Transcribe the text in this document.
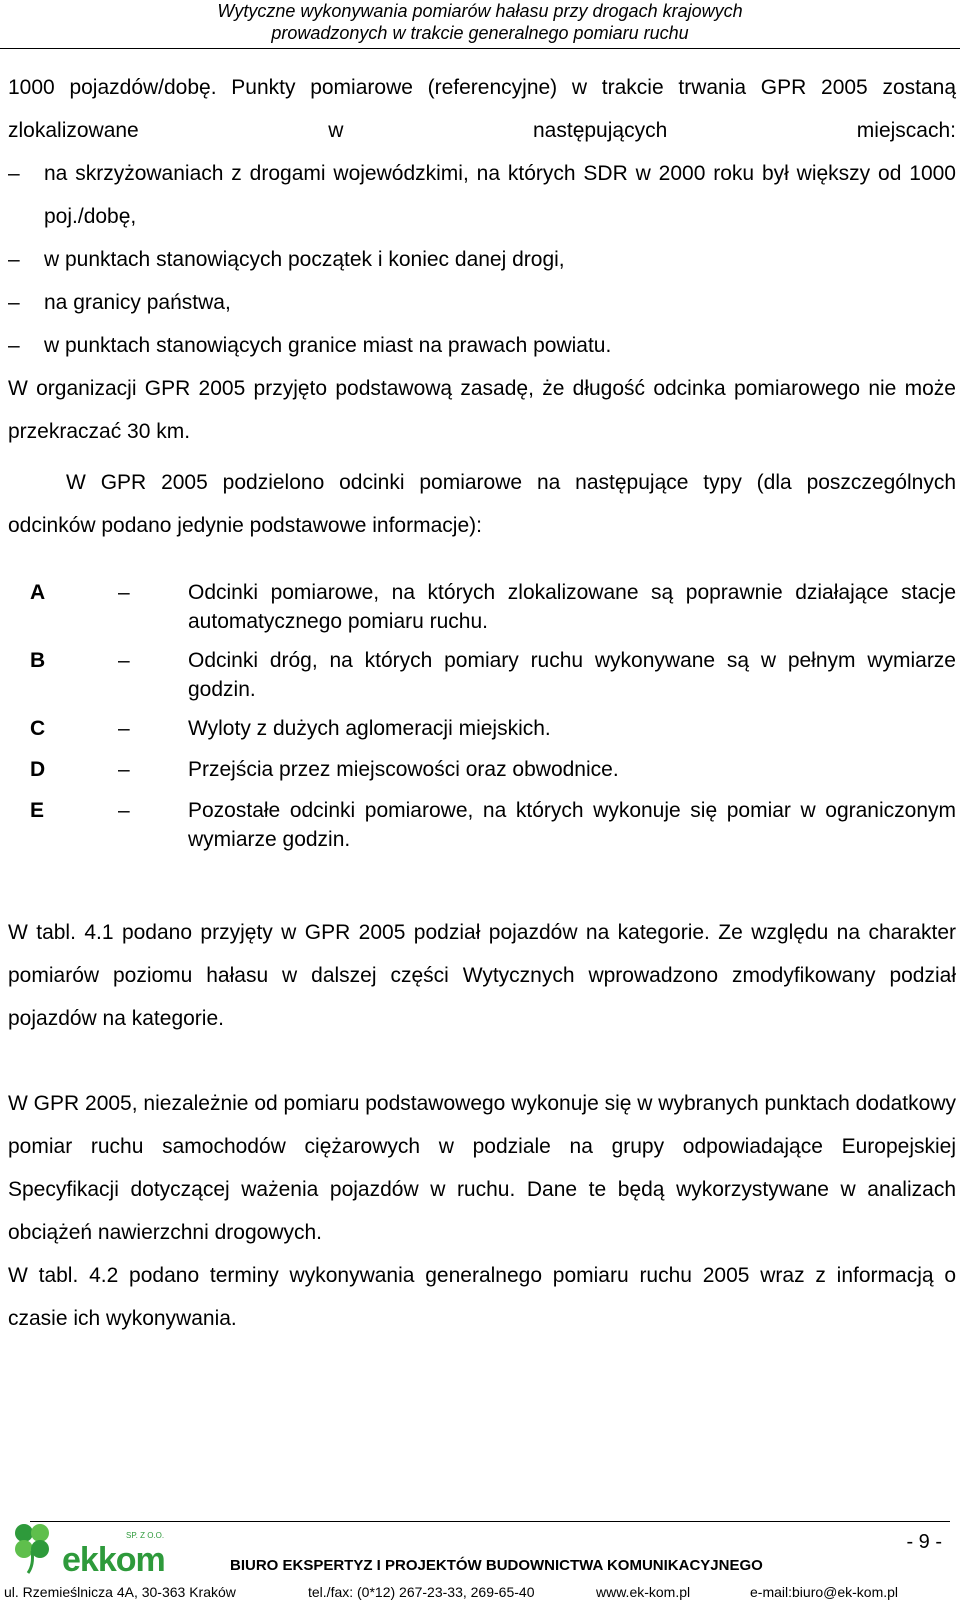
Wytyczne wykonywania pomiarów hałasu przy drogach krajowych
prowadzonych w trakcie generalnego pomiaru ruchu

1000 pojazdów/dobę. Punkty pomiarowe (referencyjne) w trakcie trwania GPR 2005 zostaną zlokalizowane w następujących miejscach:

– na skrzyżowaniach z drogami wojewódzkimi, na których SDR w 2000 roku był większy od 1000 poj./dobę,
– w punktach stanowiących początek i koniec danej drogi,
– na granicy państwa,
– w punktach stanowiących granice miast na prawach powiatu.

W organizacji GPR 2005 przyjęto podstawową zasadę, że długość odcinka pomiarowego nie może przekraczać 30 km.

W GPR 2005 podzielono odcinki pomiarowe na następujące typy (dla poszczególnych odcinków podano jedynie podstawowe informacje):

A	–	Odcinki pomiarowe, na których zlokalizowane są poprawnie działające stacje automatycznego pomiaru ruchu.
B	–	Odcinki dróg, na których pomiary ruchu wykonywane są w pełnym wymiarze godzin.
C	–	Wyloty z dużych aglomeracji miejskich.
D	–	Przejścia przez miejscowości oraz obwodnice.
E	–	Pozostałe odcinki pomiarowe, na których wykonuje się pomiar w ograniczonym wymiarze godzin.

W tabl. 4.1 podano przyjęty w GPR 2005 podział pojazdów na kategorie. Ze względu na charakter pomiarów poziomu hałasu w dalszej części Wytycznych wprowadzono zmodyfikowany podział pojazdów na kategorie.

W GPR 2005, niezależnie od pomiaru podstawowego wykonuje się w wybranych punktach dodatkowy pomiar ruchu samochodów ciężarowych w podziale na grupy odpowiadające Europejskiej Specyfikacji dotyczącej ważenia pojazdów w ruchu. Dane te będą wykorzystywane w analizach obciążeń nawierzchni drogowych.

W tabl. 4.2 podano terminy wykonywania generalnego pomiaru ruchu 2005 wraz z informacją o czasie ich wykonywania.

- 9 -
ekkom
SP. Z O.O.
BIURO EKSPERTYZ I PROJEKTÓW BUDOWNICTWA KOMUNIKACYJNEGO
ul. Rzemieślnicza 4A, 30-363 Kraków	tel./fax: (0*12) 267-23-33, 269-65-40	www.ek-kom.pl	e-mail:biuro@ek-kom.pl
